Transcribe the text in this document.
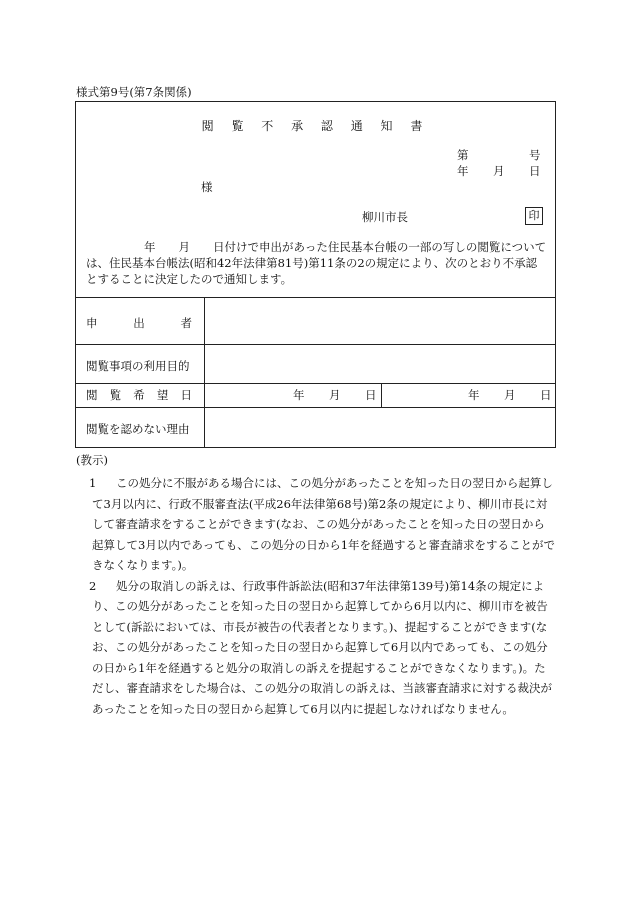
様式第9号(第7条関係)
閲 覧 不 承 認 通 知 書
第	号
年 月 日
様
柳川市長	印
年　　月　　日付けで申出があった住民基本台帳の一部の写しの閲覧については、住民基本台帳法(昭和42年法律第81号)第11条の2の規定により、次のとおり不承認とすることに決定したので通知します。
申	出	者
閲覧事項の利用目的
閲 覧 希 望 日	年 月 日	年 月 日
閲覧を認めない理由
(教示)
1	この処分に不服がある場合には、この処分があったことを知った日の翌日から起算して3月以内に、行政不服審査法(平成26年法律第68号)第2条の規定により、柳川市長に対して審査請求をすることができます(なお、この処分があったことを知った日の翌日から起算して3月以内であっても、この処分の日から1年を経過すると審査請求をすることができなくなります。)。
2	処分の取消しの訴えは、行政事件訴訟法(昭和37年法律第139号)第14条の規定により、この処分があったことを知った日の翌日から起算してから6月以内に、柳川市を被告として(訴訟においては、市長が被告の代表者となります。)、提起することができます(なお、この処分があったことを知った日の翌日から起算して6月以内であっても、この処分の日から1年を経過すると処分の取消しの訴えを提起することができなくなります。)。ただし、審査請求をした場合は、この処分の取消しの訴えは、当該審査請求に対する裁決があったことを知った日の翌日から起算して6月以内に提起しなければなりません。
